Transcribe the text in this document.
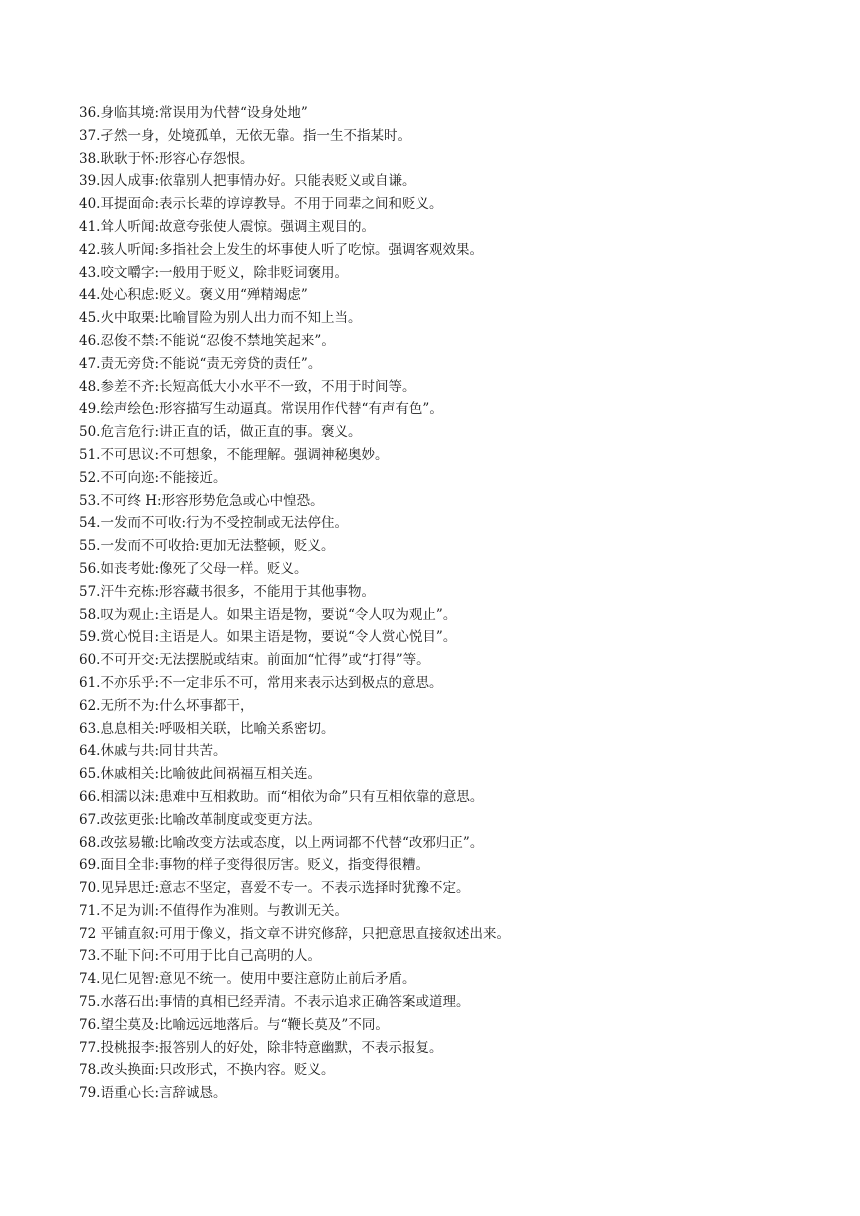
36.身临其境:常误用为代替“设身处地”
37.孑然一身，处境孤单，无依无靠。指一生不指某时。
38.耿耿于怀:形容心存怨恨。
39.因人成事:依靠别人把事情办好。只能表贬义或自谦。
40.耳提面命:表示长辈的谆谆教导。不用于同辈之间和贬义。
41.耸人听闻:故意夸张使人震惊。强调主观目的。
42.骇人听闻:多指社会上发生的坏事使人听了吃惊。强调客观效果。
43.咬文嚼字:一般用于贬义，除非贬词褒用。
44.处心积虑:贬义。褒义用“殚精竭虑”
45.火中取栗:比喻冒险为别人出力而不知上当。
46.忍俊不禁:不能说“忍俊不禁地笑起来”。
47.责无旁贷:不能说“责无旁贷的责任”。
48.参差不齐:长短高低大小水平不一致，不用于时间等。
49.绘声绘色:形容描写生动逼真。常误用作代替“有声有色”。
50.危言危行:讲正直的话，做正直的事。褒义。
51.不可思议:不可想象，不能理解。强调神秘奥妙。
52.不可向迩:不能接近。
53.不可终 H:形容形势危急或心中惶恐。
54.一发而不可收:行为不受控制或无法停住。
55.一发而不可收拾:更加无法整顿，贬义。
56.如丧考妣:像死了父母一样。贬义。
57.汗牛充栋:形容藏书很多，不能用于其他事物。
58.叹为观止:主语是人。如果主语是物，要说“令人叹为观止”。
59.赏心悦目:主语是人。如果主语是物，要说“令人赏心悦目”。
60.不可开交:无法摆脱或结束。前面加“忙得”或“打得”等。
61.不亦乐乎:不一定非乐不可，常用来表示达到极点的意思。
62.无所不为:什么坏事都干，
63.息息相关:呼吸相关联，比喻关系密切。
64.休戚与共:同甘共苦。
65.休戚相关:比喻彼此间祸福互相关连。
66.相濡以沫:患难中互相救助。而“相依为命”只有互相依靠的意思。
67.改弦更张:比喻改革制度或变更方法。
68.改弦易辙:比喻改变方法或态度，以上两词都不代替“改邪归正”。
69.面目全非:事物的样子变得很厉害。贬义，指变得很糟。
70.见异思迁:意志不坚定，喜爱不专一。不表示选择时犹豫不定。
71.不足为训:不值得作为准则。与教训无关。
72 平铺直叙:可用于像义，指文章不讲究修辞，只把意思直接叙述出来。
73.不耻下问:不可用于比自己高明的人。
74.见仁见智:意见不统一。使用中要注意防止前后矛盾。
75.水落石出:事情的真相已经弄清。不表示追求正确答案或道理。
76.望尘莫及:比喻远远地落后。与“鞭长莫及”不同。
77.投桃报李:报答别人的好处，除非特意幽默，不表示报复。
78.改头换面:只改形式，不换内容。贬义。
79.语重心长:言辞诚恳。
